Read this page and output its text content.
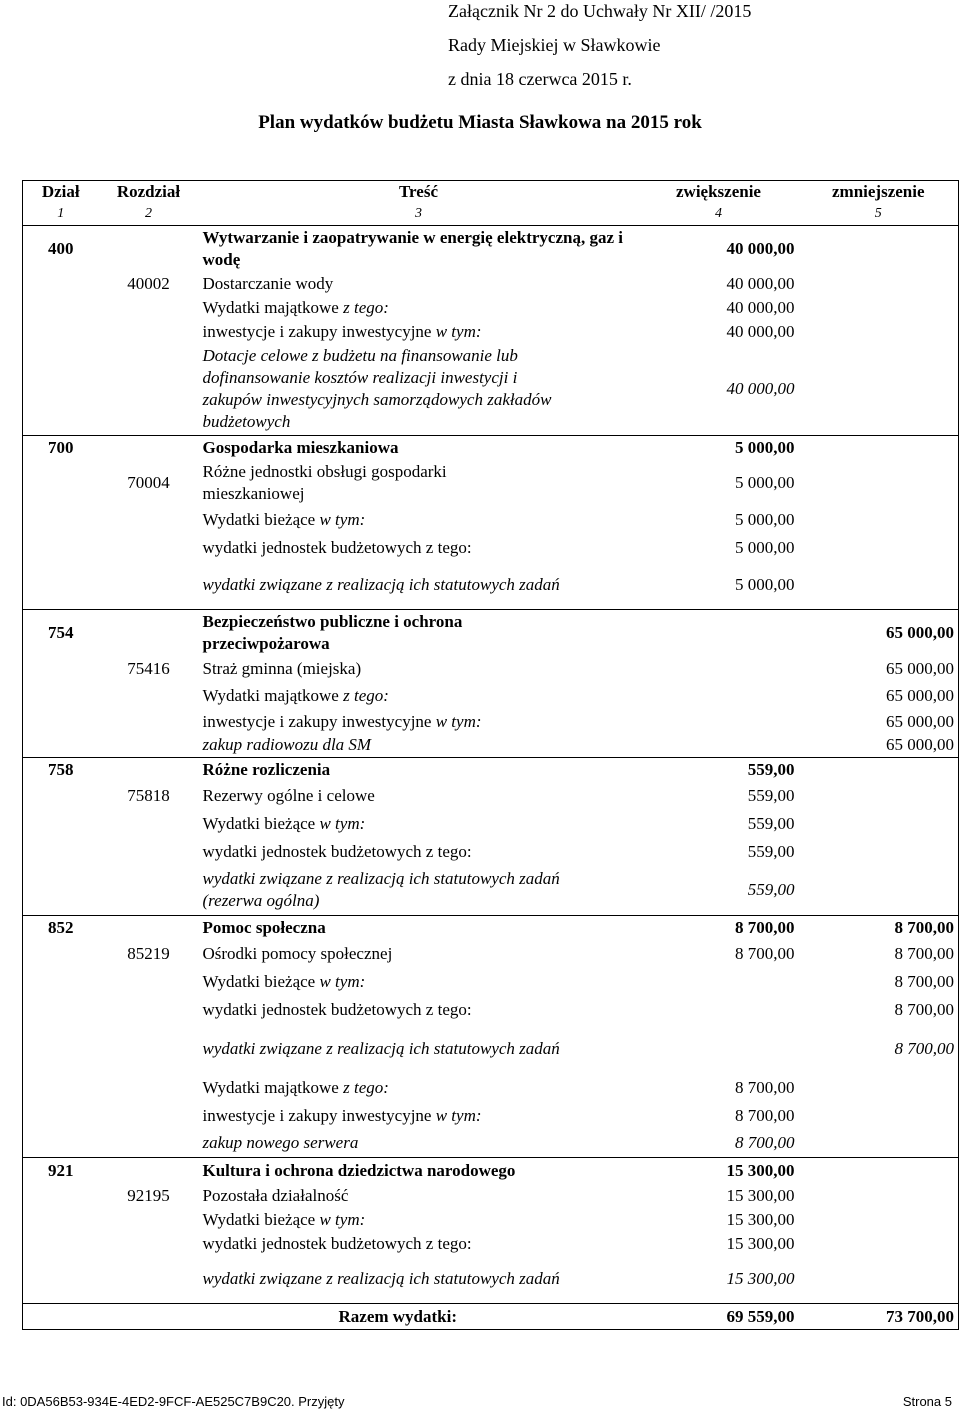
Załącznik Nr 2 do Uchwały Nr XII/ /2015
Rady Miejskiej w Sławkowie
z dnia 18 czerwca 2015 r.
Plan wydatków budżetu Miasta Sławkowa na 2015 rok
Dział	Rozdział	Treść	zwiększenie	zmniejszenie
1	2	3	4	5
400		Wytwarzanie i zaopatrywanie w energię elektryczną, gaz i wodę	40 000,00	
	40002	Dostarczanie wody	40 000,00	
		Wydatki majątkowe z tego:	40 000,00	
		inwestycje i zakupy inwestycyjne w tym:	40 000,00	
		Dotacje celowe z budżetu na finansowanie lub dofinansowanie kosztów realizacji inwestycji i zakupów inwestycyjnych samorządowych zakładów budżetowych	40 000,00	
700		Gospodarka mieszkaniowa	5 000,00	
	70004	Różne jednostki obsługi gospodarki mieszkaniowej	5 000,00	
		Wydatki bieżące w tym:	5 000,00	
		wydatki jednostek budżetowych z tego:	5 000,00	
		wydatki związane z realizacją ich statutowych zadań	5 000,00	
754		Bezpieczeństwo publiczne i ochrona przeciwpożarowa		65 000,00
	75416	Straż gminna (miejska)		65 000,00
		Wydatki majątkowe z tego:		65 000,00
		inwestycje i zakupy inwestycyjne w tym:		65 000,00
		zakup radiowozu dla SM		65 000,00
758		Różne rozliczenia	559,00	
	75818	Rezerwy ogólne i celowe	559,00	
		Wydatki bieżące w tym:	559,00	
		wydatki jednostek budżetowych z tego:	559,00	
		wydatki związane z realizacją ich statutowych zadań (rezerwa ogólna)	559,00	
852		Pomoc społeczna	8 700,00	8 700,00
	85219	Ośrodki pomocy społecznej	8 700,00	8 700,00
		Wydatki bieżące w tym:		8 700,00
		wydatki jednostek budżetowych z tego:		8 700,00
		wydatki związane z realizacją ich statutowych zadań		8 700,00
		Wydatki majątkowe z tego:	8 700,00	
		inwestycje i zakupy inwestycyjne w tym:	8 700,00	
		zakup nowego serwera	8 700,00	
921		Kultura i ochrona dziedzictwa narodowego	15 300,00	
	92195	Pozostała działalność	15 300,00	
		Wydatki bieżące w tym:	15 300,00	
		wydatki jednostek budżetowych z tego:	15 300,00	
		wydatki związane z realizacją ich statutowych zadań	15 300,00	
		Razem wydatki:	69 559,00	73 700,00
Id: 0DA56B53-934E-4ED2-9FCF-AE525C7B9C20. Przyjęty	Strona 5
